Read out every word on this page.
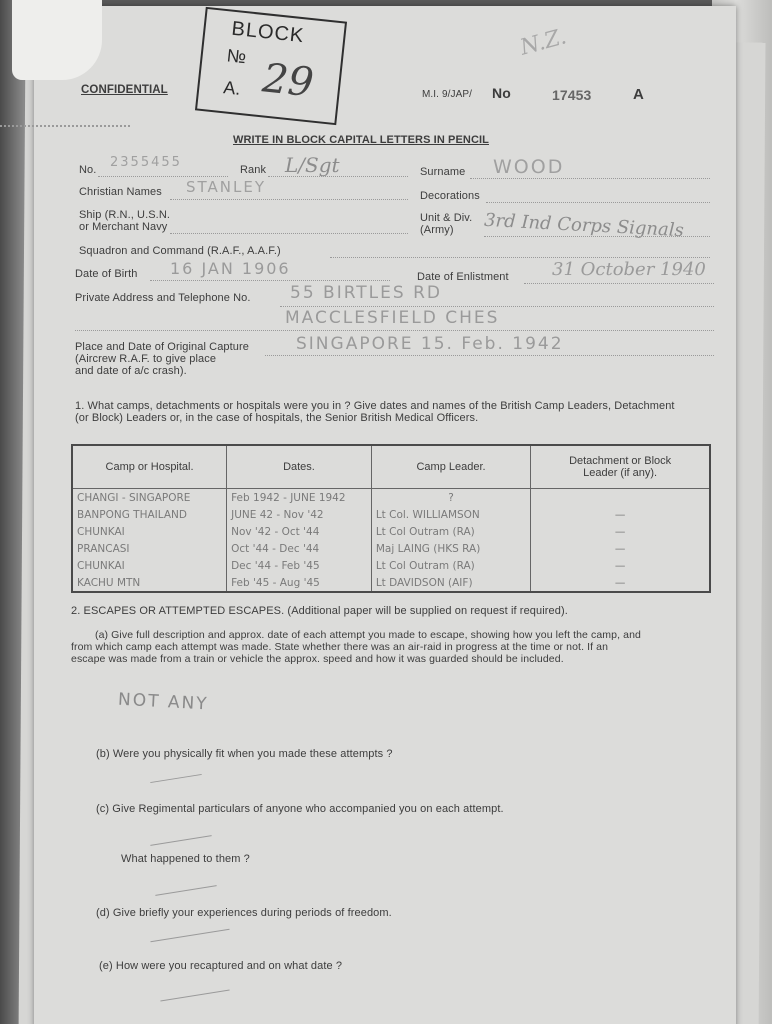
BLOCK
№
A. 29
CONFIDENTIAL	M.I. 9/JAP/ No	17453	A
N.Z.
WRITE IN BLOCK CAPITAL LETTERS IN PENCIL
No. 2355455	Rank L/Sgt	Surname WOOD
Christian Names STANLEY	Decorations
Ship (R.N., U.S.N.
or Merchant Navy
Unit & Div.
(Army) 3rd Ind Corps Signals
Squadron and Command (R.A.F., A.A.F.)
Date of Birth 16 JAN 1906	Date of Enlistment 31 October 1940
Private Address and Telephone No. 55 BIRTLES RD
MACCLESFIELD CHES
Place and Date of Original Capture
(Aircrew R.A.F. to give place
and date of a/c crash).
SINGAPORE 15. Feb. 1942
1. What camps, detachments or hospitals were you in ? Give dates and names of the British Camp Leaders, Detachment
(or Block) Leaders or, in the case of hospitals, the Senior British Medical Officers.
Camp or Hospital.	Dates.	Camp Leader.	Detachment or Block Leader (if any).
CHANGI - SINGAPORE	Feb 1942 - JUNE 1942	?	
BANPONG THAILAND	JUNE 42 - Nov '42	Lt Col. WILLIAMSON	—
CHUNKAI	Nov '42 - Oct '44	Lt Col Outram (RA)	—
PRANCASI	Oct '44 - Dec '44	Maj LAING (HKS RA)	—
CHUNKAI	Dec '44 - Feb '45	Lt Col Outram (RA)	—
KACHU MTN	Feb '45 - Aug '45	Lt DAVIDSON (AIF)	—
2. ESCAPES OR ATTEMPTED ESCAPES. (Additional paper will be supplied on request if required).
(a) Give full description and approx. date of each attempt you made to escape, showing how you left the camp, and
from which camp each attempt was made. State whether there was an air-raid in progress at the time or not. If an
escape was made from a train or vehicle the approx. speed and how it was guarded should be included.
NOT ANY
(b) Were you physically fit when you made these attempts ?
(c) Give Regimental particulars of anyone who accompanied you on each attempt.
What happened to them ?
(d) Give briefly your experiences during periods of freedom.
(e) How were you recaptured and on what date ?
